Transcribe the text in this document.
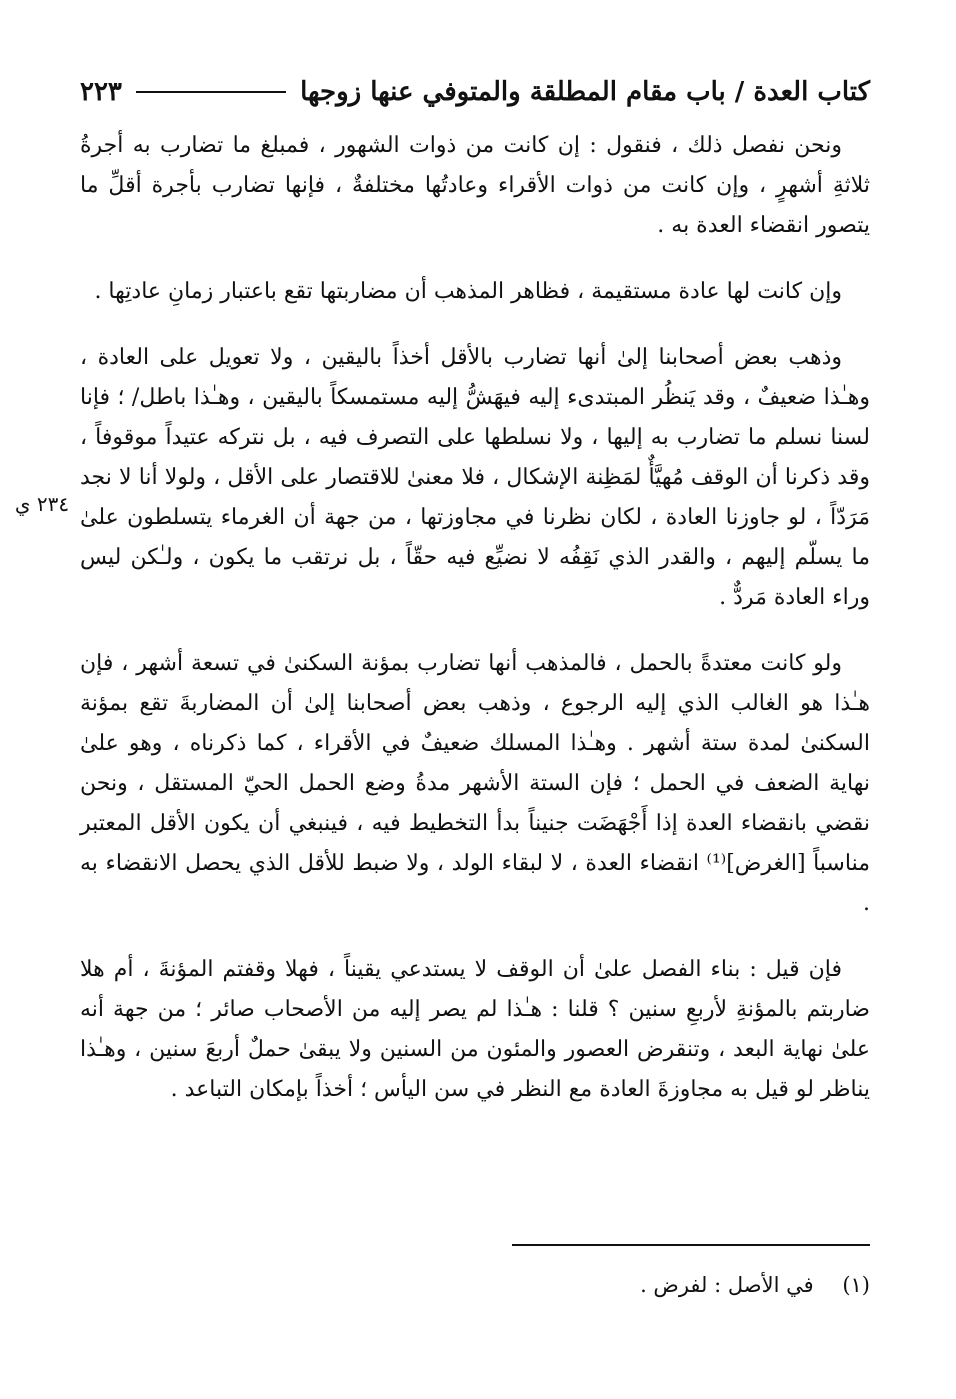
كتاب العدة / باب مقام المطلقة والمتوفي عنها زوجها
٢٢٣
٢٣٤ ي

ونحن نفصل ذلك ، فنقول : إن كانت من ذوات الشهور ، فمبلغ ما تضارب به أجرةُ ثلاثةِ أشهرٍ ، وإن كانت من ذوات الأقراء وعادتُها مختلفةٌ ، فإنها تضارب بأجرة أقلِّ ما يتصور انقضاء العدة به .

وإن كانت لها عادة مستقيمة ، فظاهر المذهب أن مضاربتها تقع باعتبار زمانِ عادتِها .

وذهب بعض أصحابنا إلىٰ أنها تضارب بالأقل أخذاً باليقين ، ولا تعويل على العادة ، وهـٰذا ضعيفٌ ، وقد يَنظُر المبتدىء إليه فيهَشُّ إليه مستمسكاً باليقين ، وهـٰذا باطل/ ؛ فإنا لسنا نسلم ما تضارب به إليها ، ولا نسلطها على التصرف فيه ، بل نتركه عتيداً موقوفاً ، وقد ذكرنا أن الوقف مُهيَّأٌ لمَظِنة الإشكال ، فلا معنىٰ للاقتصار على الأقل ، ولولا أنا لا نجد مَرَدّاً ، لو جاوزنا العادة ، لكان نظرنا في مجاوزتها ، من جهة أن الغرماء يتسلطون علىٰ ما يسلّم إليهم ، والقدر الذي نَقِفُه لا نضيِّع فيه حقّاً ، بل نرتقب ما يكون ، ولـٰكن ليس وراء العادة مَردٌّ .

ولو كانت معتدةً بالحمل ، فالمذهب أنها تضارب بمؤنة السكنىٰ في تسعة أشهر ، فإن هـٰذا هو الغالب الذي إليه الرجوع ، وذهب بعض أصحابنا إلىٰ أن المضاربةَ تقع بمؤنة السكنىٰ لمدة ستة أشهر . وهـٰذا المسلك ضعيفٌ في الأقراء ، كما ذكرناه ، وهو علىٰ نهاية الضعف في الحمل ؛ فإن الستة الأشهر مدةُ وضع الحمل الحيّ المستقل ، ونحن نقضي بانقضاء العدة إذا أَجْهَضَت جنيناً بدأ التخطيط فيه ، فينبغي أن يكون الأقل المعتبر مناسباً [الغرض]⁽¹⁾ انقضاء العدة ، لا لبقاء الولد ، ولا ضبط للأقل الذي يحصل الانقضاء به .

فإن قيل : بناء الفصل علىٰ أن الوقف لا يستدعي يقيناً ، فهلا وقفتم المؤنةَ ، أم هلا ضاربتم بالمؤنةِ لأربعِ سنين ؟ قلنا : هـٰذا لم يصر إليه من الأصحاب صائر ؛ من جهة أنه علىٰ نهاية البعد ، وتنقرض العصور والمئون من السنين ولا يبقىٰ حملٌ أربعَ سنين ، وهـٰذا يناظر لو قيل به مجاوزةَ العادة مع النظر في سن اليأس ؛ أخذاً بإمكان التباعد .

(١) في الأصل : لفرض .
